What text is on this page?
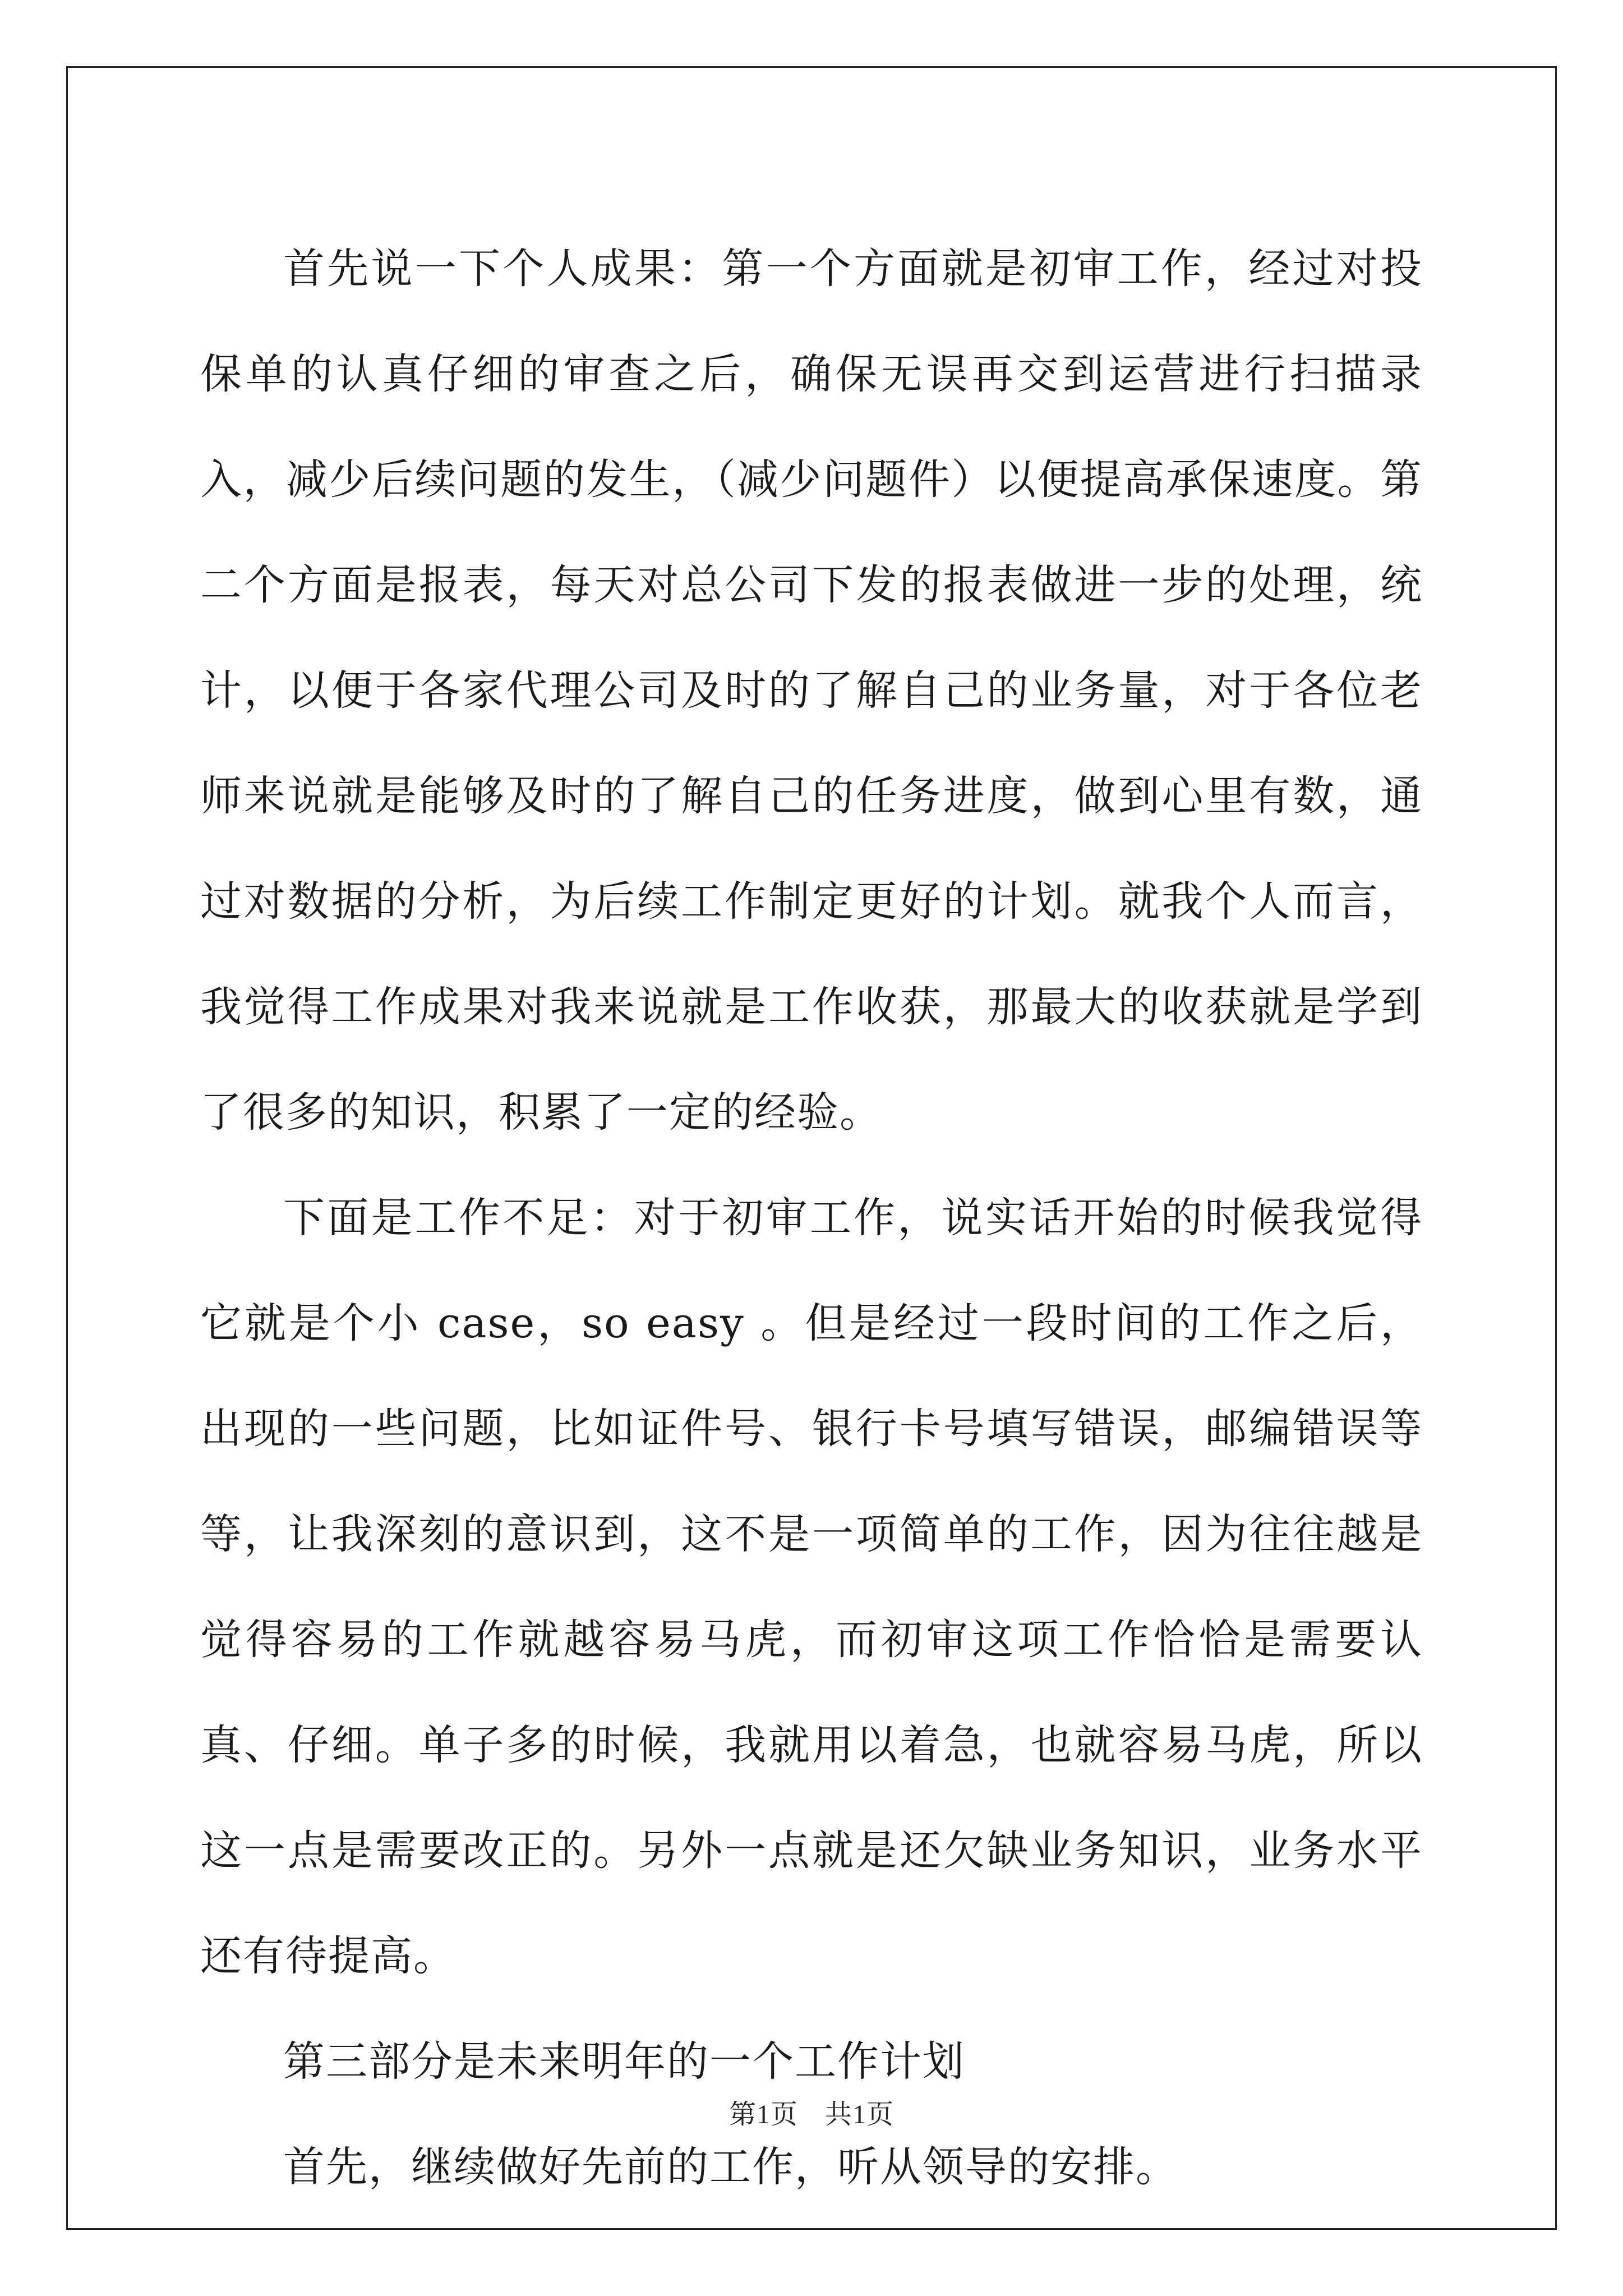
首先说一下个人成果：第一个方面就是初审工作，经过对投保单的认真仔细的审查之后，确保无误再交到运营进行扫描录入，减少后续问题的发生，（减少问题件）以便提高承保速度。第二个方面是报表，每天对总公司下发的报表做进一步的处理，统计，以便于各家代理公司及时的了解自己的业务量，对于各位老师来说就是能够及时的了解自己的任务进度，做到心里有数，通过对数据的分析，为后续工作制定更好的计划。就我个人而言，我觉得工作成果对我来说就是工作收获，那最大的收获就是学到了很多的知识，积累了一定的经验。

下面是工作不足：对于初审工作，说实话开始的时候我觉得它就是个小 case，so easy 。但是经过一段时间的工作之后，出现的一些问题，比如证件号、银行卡号填写错误，邮编错误等等，让我深刻的意识到，这不是一项简单的工作，因为往往越是觉得容易的工作就越容易马虎，而初审这项工作恰恰是需要认真、仔细。单子多的时候，我就用以着急，也就容易马虎，所以这一点是需要改正的。另外一点就是还欠缺业务知识，业务水平还有待提高。

第三部分是未来明年的一个工作计划

首先，继续做好先前的工作，听从领导的安排。

第1页 共1页
